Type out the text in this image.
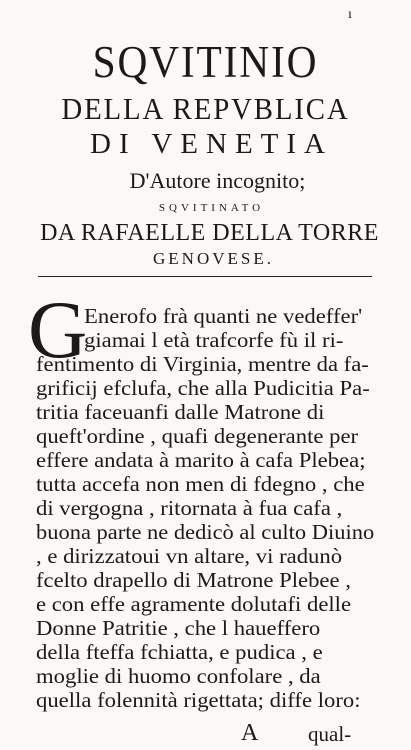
ı
SQVITINIO
DELLA REPVBLICA
DI VENETIA
D'Autore incognito;
SQVITINATO
DA RAFAELLE DELLA TORRE
GENOVESE.
G
Enerofo frà quanti ne vedeffer'
giamai l età trafcorfe fù il ri-
fentimento di Virginia, mentre da fa-
grificij efclufa, che alla Pudicitia Pa-
tritia faceuanfi dalle Matrone di
queft'ordine , quafi degenerante per
effere andata à marito à cafa Plebea;
tutta accefa non men di fdegno , che
di vergogna , ritornata à fua cafa ,
buona parte ne dedicò al culto Diuino
, e dirizzatoui vn altare, vi radunò
fcelto drapello di Matrone Plebee ,
e con effe agramente dolutafi delle
Donne Patritie , che l haueffero
della fteffa fchiatta, e pudica , e
moglie di huomo confolare , da
quella folennità rigettata; diffe loro:
A qual-
